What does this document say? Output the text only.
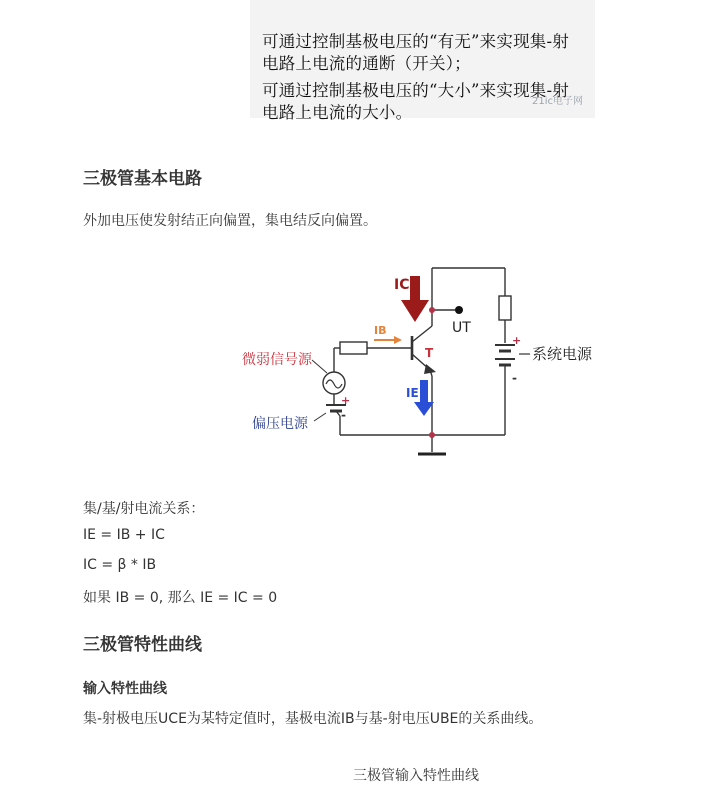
可通过控制基极电压的“有无”来实现集-射
电路上电流的通断（开关）；
可通过控制基极电压的“大小”来实现集-射
电路上电流的大小。
21ic电子网
三极管基本电路
外加电压使发射结正向偏置，集电结反向偏置。
+
-
系统电源
微弱信号源
+
-
偏压电源
IC
IB
IE
T
UT
集/基/射电流关系：
IE = IB + IC
IC = β * IB
如果 IB = 0, 那么 IE = IC = 0
三极管特性曲线
输入特性曲线
集-射极电压UCE为某特定值时，基极电流IB与基-射电压UBE的关系曲线。
三极管输入特性曲线
